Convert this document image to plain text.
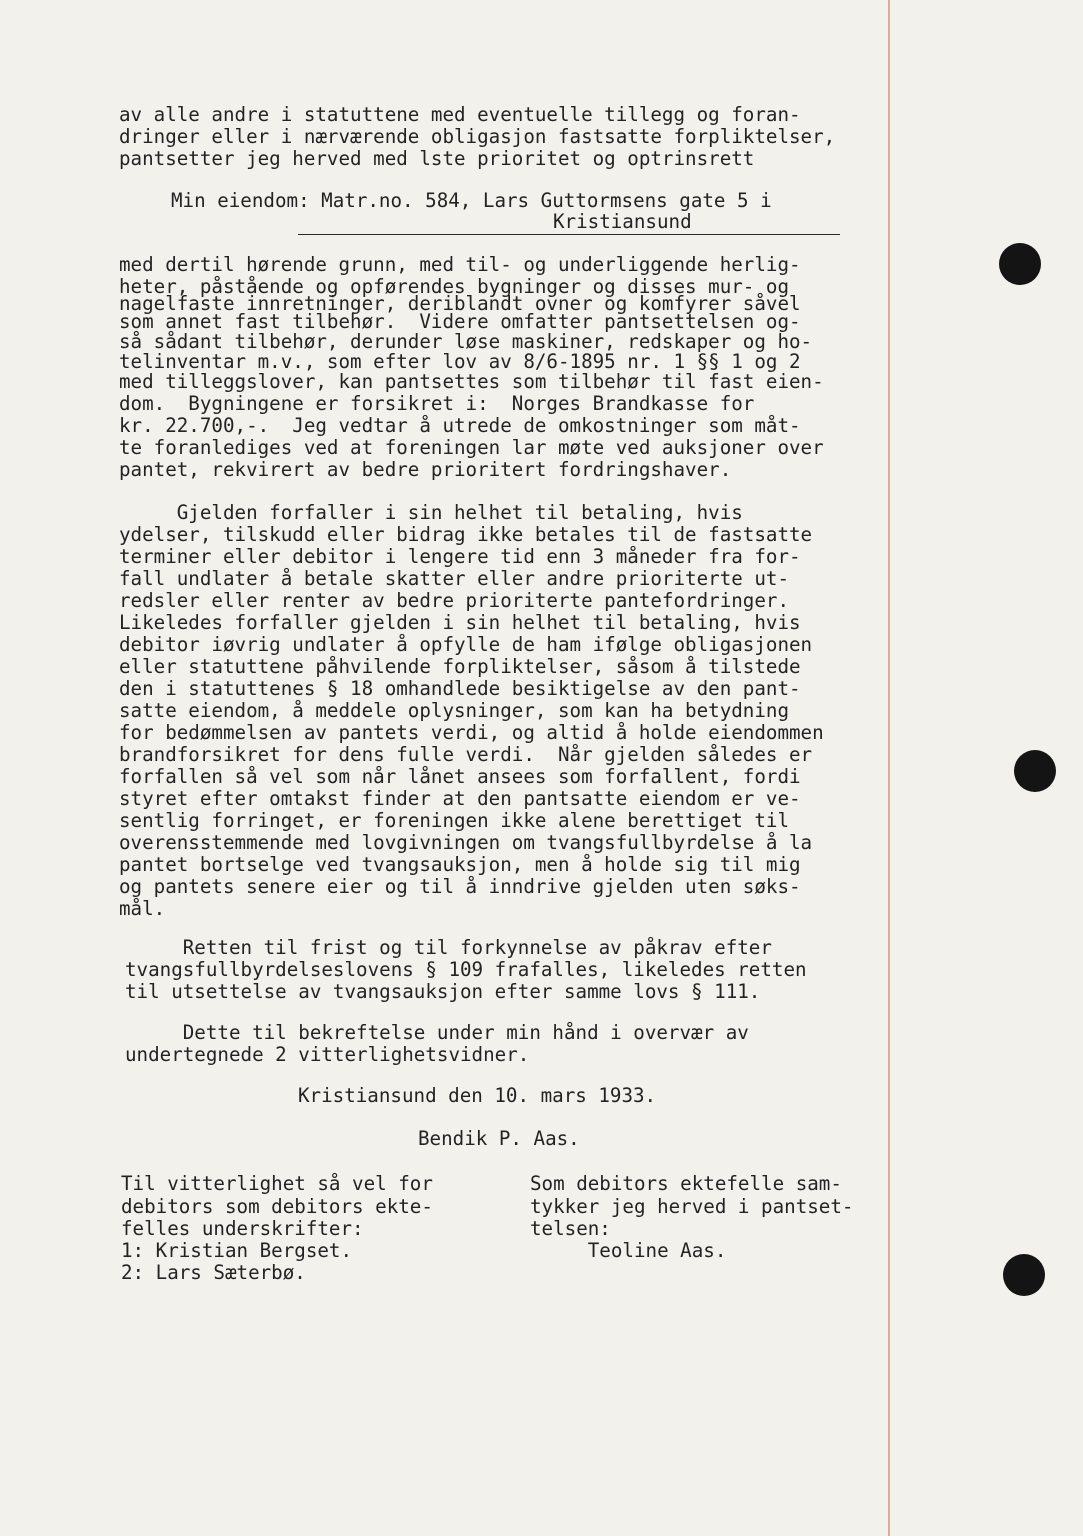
av alle andre i statuttene med eventuelle tillegg og foran-
dringer eller i nærværende obligasjon fastsatte forpliktelser,
pantsetter jeg herved med lste prioritet og optrinsrett
Min eiendom: Matr.no. 584, Lars Guttormsens gate 5 i
Kristiansund
med dertil hørende grunn, med til- og underliggende herlig-
heter, påstående og opførendes bygninger og disses mur- og
nagelfaste innretninger, deriblandt ovner og komfyrer såvel
som annet fast tilbehør.  Videre omfatter pantsettelsen og-
så sådant tilbehør, derunder løse maskiner, redskaper og ho-
telinventar m.v., som efter lov av 8/6-1895 nr. 1 §§ 1 og 2
med tilleggslover, kan pantsettes som tilbehør til fast eien-
dom.  Bygningene er forsikret i:  Norges Brandkasse for
kr. 22.700,-.  Jeg vedtar å utrede de omkostninger som måt-
te foranlediges ved at foreningen lar møte ved auksjoner over
pantet, rekvirert av bedre prioritert fordringshaver.
Gjelden forfaller i sin helhet til betaling, hvis
ydelser, tilskudd eller bidrag ikke betales til de fastsatte
terminer eller debitor i lengere tid enn 3 måneder fra for-
fall undlater å betale skatter eller andre prioriterte ut-
redsler eller renter av bedre prioriterte pantefordringer.
Likeledes forfaller gjelden i sin helhet til betaling, hvis
debitor iøvrig undlater å opfylle de ham ifølge obligasjonen
eller statuttene påhvilende forpliktelser, såsom å tilstede
den i statuttenes § 18 omhandlede besiktigelse av den pant-
satte eiendom, å meddele oplysninger, som kan ha betydning
for bedømmelsen av pantets verdi, og altid å holde eiendommen
brandforsikret for dens fulle verdi.  Når gjelden således er
forfallen så vel som når lånet ansees som forfallent, fordi
styret efter omtakst finder at den pantsatte eiendom er ve-
sentlig forringet, er foreningen ikke alene berettiget til
overensstemmende med lovgivningen om tvangsfullbyrdelse å la
pantet bortselge ved tvangsauksjon, men å holde sig til mig
og pantets senere eier og til å inndrive gjelden uten søks-
mål.
Retten til frist og til forkynnelse av påkrav efter
tvangsfullbyrdelseslovens § 109 frafalles, likeledes retten
til utsettelse av tvangsauksjon efter samme lovs § 111.
Dette til bekreftelse under min hånd i overvær av
undertegnede 2 vitterlighetsvidner.
Kristiansund den 10. mars 1933.
Bendik P. Aas.
Til vitterlighet så vel for
debitors som debitors ekte-
felles underskrifter:
1: Kristian Bergset.
2: Lars Sæterbø.
Som debitors ektefelle sam-
tykker jeg herved i pantset-
telsen:
Teoline Aas.
